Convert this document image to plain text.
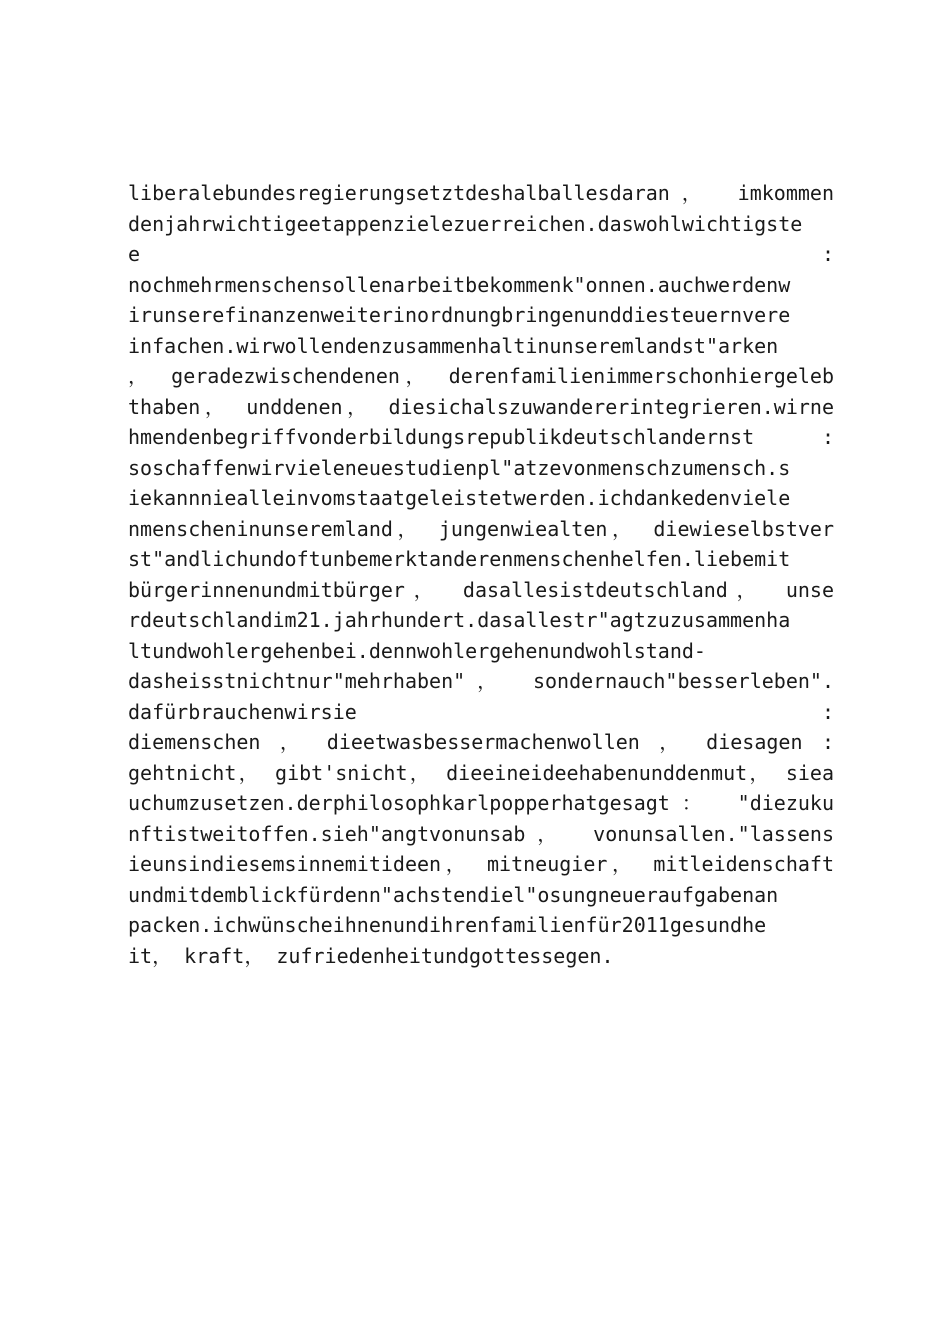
liberalebundesregierungsetztdeshalballesdaran， imkommen
denjahrwichtigeetappenzielezuerreichen.daswohlwichtigste
e                                                      :
nochmehrmenschensollenarbeitbekommenk"onnen.auchwerdenw
irunserefinanzenweiterinordnungbringenunddiesteuernvere
infachen.wirwollendenzusammenhaltinunseremlandst"arken
， geradezwischendenen， derenfamilienimmerschonhiergeleb
thaben， unddenen， diesichalszuwandererintegrieren.wirne
hmendenbegriffvonderbildungsrepublikdeutschlandernst :
soschaffenwirvieleneuestudienpl"atzevonmenschzumensch.s
iekannniealleinvomstaatgeleistetwerden.ichdankedenviele
nmenscheninunseremland， jungenwiealten， diewieselbstver
st"andlichundoftunbemerktanderenmenschenhelfen.liebemit
bürgerinnenundmitbürger， dasallesistdeutschland， unse
rdeutschlandim21.jahrhundert.dasallestr"agtzuzusammenha
ltundwohlergehenbei.dennwohlergehenundwohlstand-
dasheisstnichtnur"mehrhaben"， sondernauch"besserleben".
dafürbrauchenwirsie                                    :
diemenschen ， dieetwasbessermachenwollen ， diesagen :
gehtnicht， gibt'snicht， dieeineideehabenunddenmut， siea
uchumzusetzen.derphilosophkarlpopperhatgesagt： "diezuku
nftistweitoffen.sieh"angtvonunsab， vonunsallen."lassens
ieunsindiesemsinnemitideen， mitneugier， mitleidenschaft
undmitdemblickfürdenn"achstendiel"osungneueraufgabenan
packen.ichwünscheihnenundihrenfamilienfür2011gesundhe
it， kraft， zufriedenheitundgottessegen.
